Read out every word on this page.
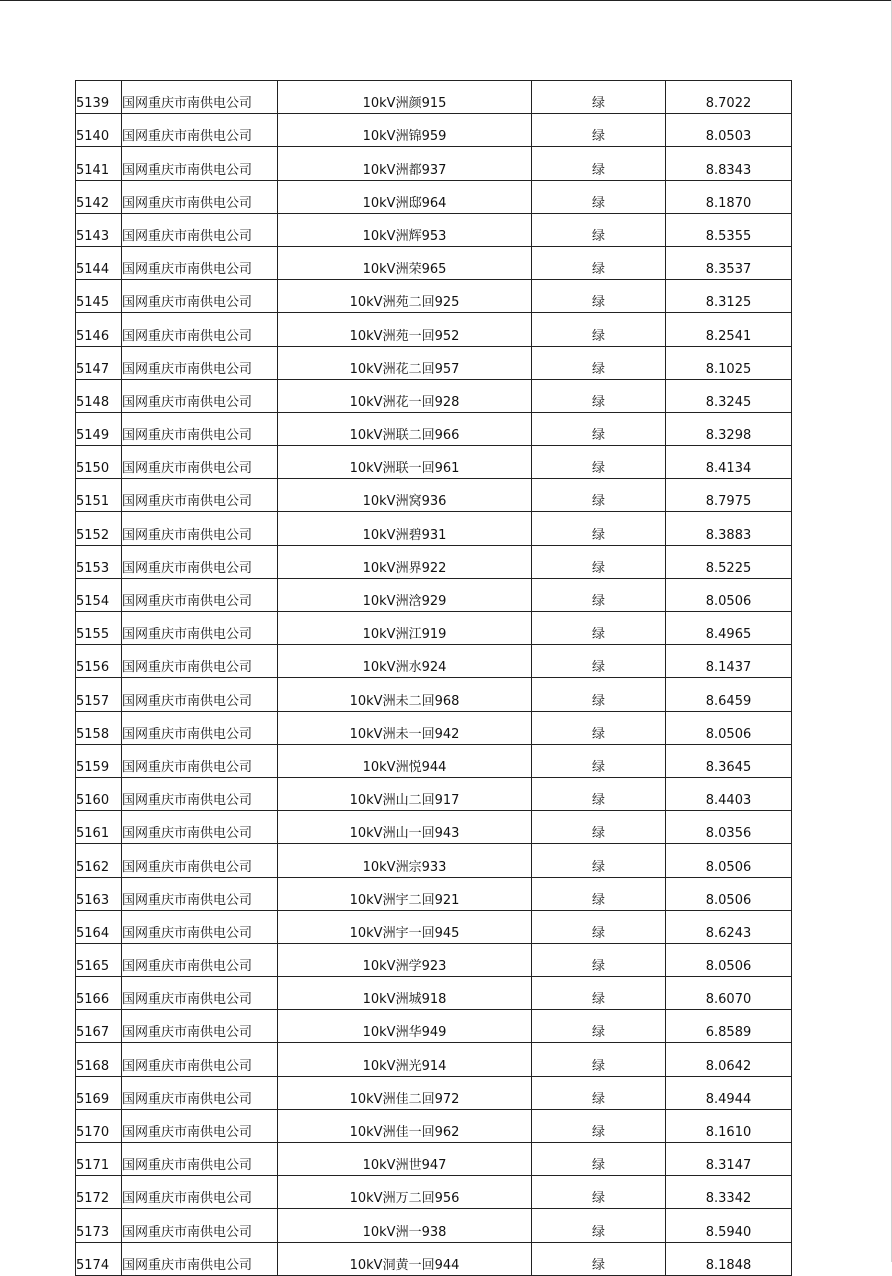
5139	国网重庆市南供电公司	10kV洲颜915	绿	8.7022
5140	国网重庆市南供电公司	10kV洲锦959	绿	8.0503
5141	国网重庆市南供电公司	10kV洲都937	绿	8.8343
5142	国网重庆市南供电公司	10kV洲邸964	绿	8.1870
5143	国网重庆市南供电公司	10kV洲辉953	绿	8.5355
5144	国网重庆市南供电公司	10kV洲荣965	绿	8.3537
5145	国网重庆市南供电公司	10kV洲苑二回925	绿	8.3125
5146	国网重庆市南供电公司	10kV洲苑一回952	绿	8.2541
5147	国网重庆市南供电公司	10kV洲花二回957	绿	8.1025
5148	国网重庆市南供电公司	10kV洲花一回928	绿	8.3245
5149	国网重庆市南供电公司	10kV洲联二回966	绿	8.3298
5150	国网重庆市南供电公司	10kV洲联一回961	绿	8.4134
5151	国网重庆市南供电公司	10kV洲窝936	绿	8.7975
5152	国网重庆市南供电公司	10kV洲碧931	绿	8.3883
5153	国网重庆市南供电公司	10kV洲界922	绿	8.5225
5154	国网重庆市南供电公司	10kV洲浛929	绿	8.0506
5155	国网重庆市南供电公司	10kV洲江919	绿	8.4965
5156	国网重庆市南供电公司	10kV洲水924	绿	8.1437
5157	国网重庆市南供电公司	10kV洲未二回968	绿	8.6459
5158	国网重庆市南供电公司	10kV洲未一回942	绿	8.0506
5159	国网重庆市南供电公司	10kV洲悦944	绿	8.3645
5160	国网重庆市南供电公司	10kV洲山二回917	绿	8.4403
5161	国网重庆市南供电公司	10kV洲山一回943	绿	8.0356
5162	国网重庆市南供电公司	10kV洲宗933	绿	8.0506
5163	国网重庆市南供电公司	10kV洲宇二回921	绿	8.0506
5164	国网重庆市南供电公司	10kV洲宇一回945	绿	8.6243
5165	国网重庆市南供电公司	10kV洲学923	绿	8.0506
5166	国网重庆市南供电公司	10kV洲城918	绿	8.6070
5167	国网重庆市南供电公司	10kV洲华949	绿	6.8589
5168	国网重庆市南供电公司	10kV洲光914	绿	8.0642
5169	国网重庆市南供电公司	10kV洲佳二回972	绿	8.4944
5170	国网重庆市南供电公司	10kV洲佳一回962	绿	8.1610
5171	国网重庆市南供电公司	10kV洲世947	绿	8.3147
5172	国网重庆市南供电公司	10kV洲万二回956	绿	8.3342
5173	国网重庆市南供电公司	10kV洲一938	绿	8.5940
5174	国网重庆市南供电公司	10kV洞黄一回944	绿	8.1848
